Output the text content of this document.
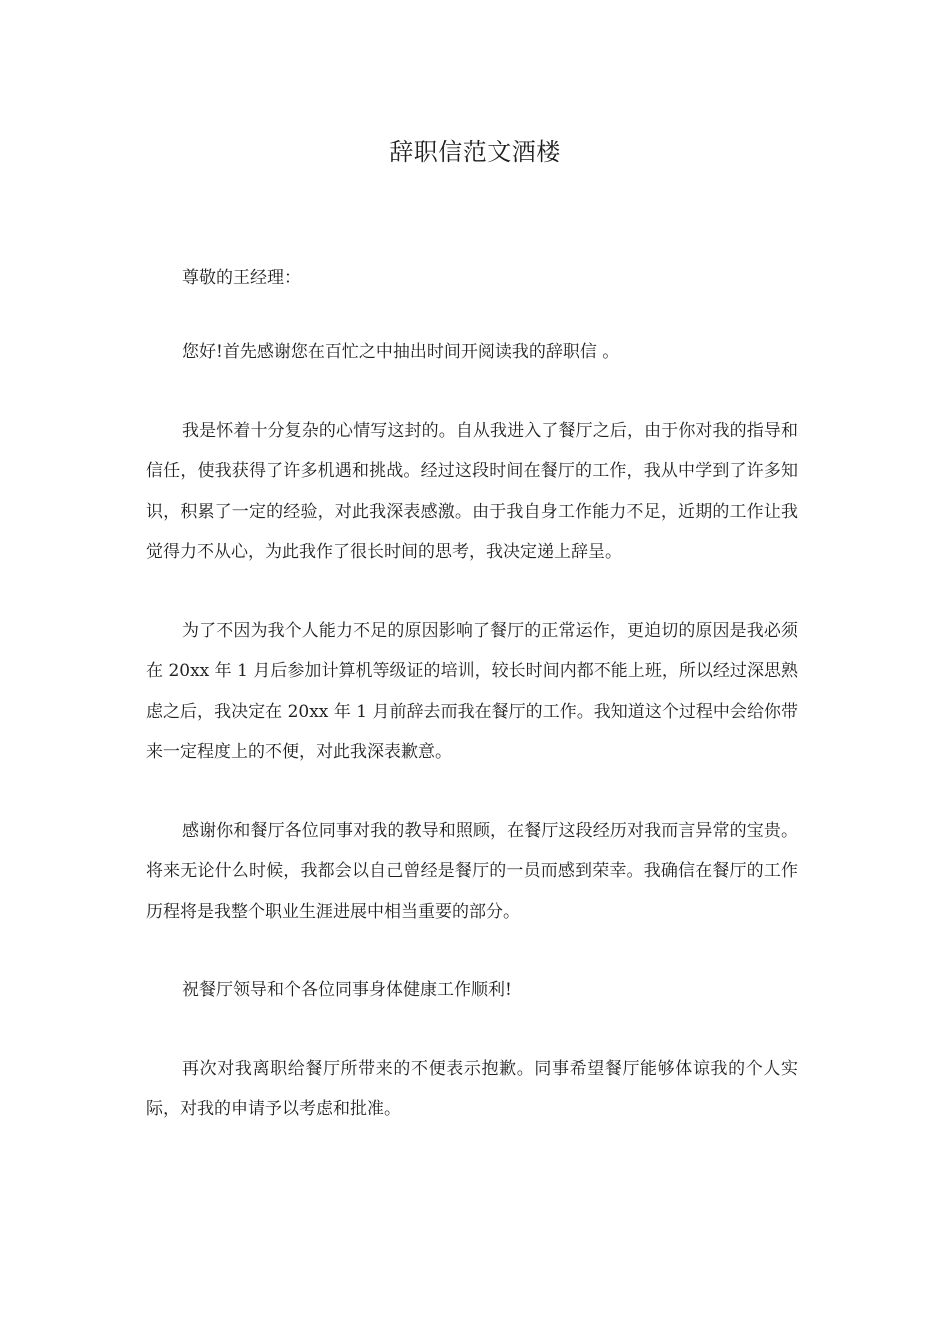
辞职信范文酒楼

尊敬的王经理：

您好!首先感谢您在百忙之中抽出时间开阅读我的辞职信 。

我是怀着十分复杂的心情写这封的。自从我进入了餐厅之后，由于你对我的指导和信任，使我获得了许多机遇和挑战。经过这段时间在餐厅的工作，我从中学到了许多知识，积累了一定的经验，对此我深表感激。由于我自身工作能力不足，近期的工作让我觉得力不从心，为此我作了很长时间的思考，我决定递上辞呈。

为了不因为我个人能力不足的原因影响了餐厅的正常运作，更迫切的原因是我必须在 20xx 年 1 月后参加计算机等级证的培训，较长时间内都不能上班，所以经过深思熟虑之后，我决定在 20xx 年 1 月前辞去而我在餐厅的工作。我知道这个过程中会给你带来一定程度上的不便，对此我深表歉意。

感谢你和餐厅各位同事对我的教导和照顾，在餐厅这段经历对我而言异常的宝贵。将来无论什么时候，我都会以自己曾经是餐厅的一员而感到荣幸。我确信在餐厅的工作历程将是我整个职业生涯进展中相当重要的部分。

祝餐厅领导和个各位同事身体健康工作顺利!

再次对我离职给餐厅所带来的不便表示抱歉。同事希望餐厅能够体谅我的个人实际，对我的申请予以考虑和批准。
